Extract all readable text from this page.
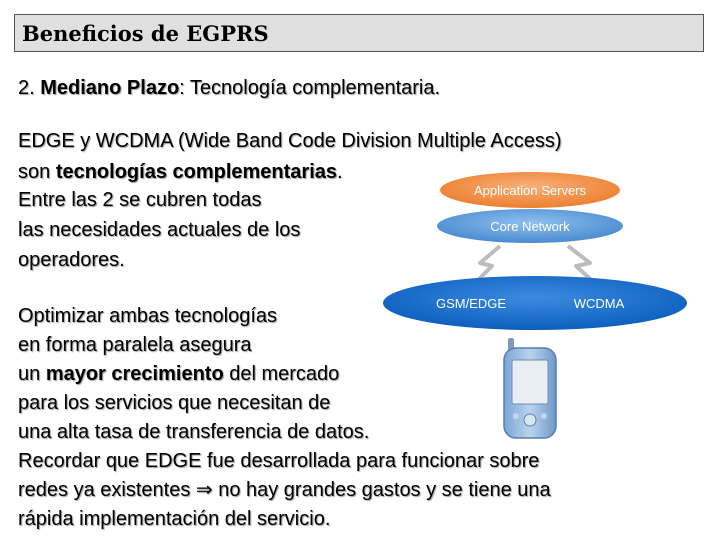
Beneficios de EGPRS
2. Mediano Plazo: Tecnología complementaria.
EDGE y WCDMA (Wide Band Code Division Multiple Access)
son tecnologías complementarias.
Entre las 2 se cubren todas
las necesidades actuales de los
operadores.
Optimizar ambas tecnologías
en forma paralela asegura
un mayor crecimiento del mercado
para los servicios que necesitan de
una alta tasa de transferencia de datos.
Recordar que EDGE fue desarrollada para funcionar sobre
redes ya existentes ⇒ no hay grandes gastos y se tiene una
rápida implementación del servicio.
Application Servers
Core Network
GSM/EDGE	WCDMA
